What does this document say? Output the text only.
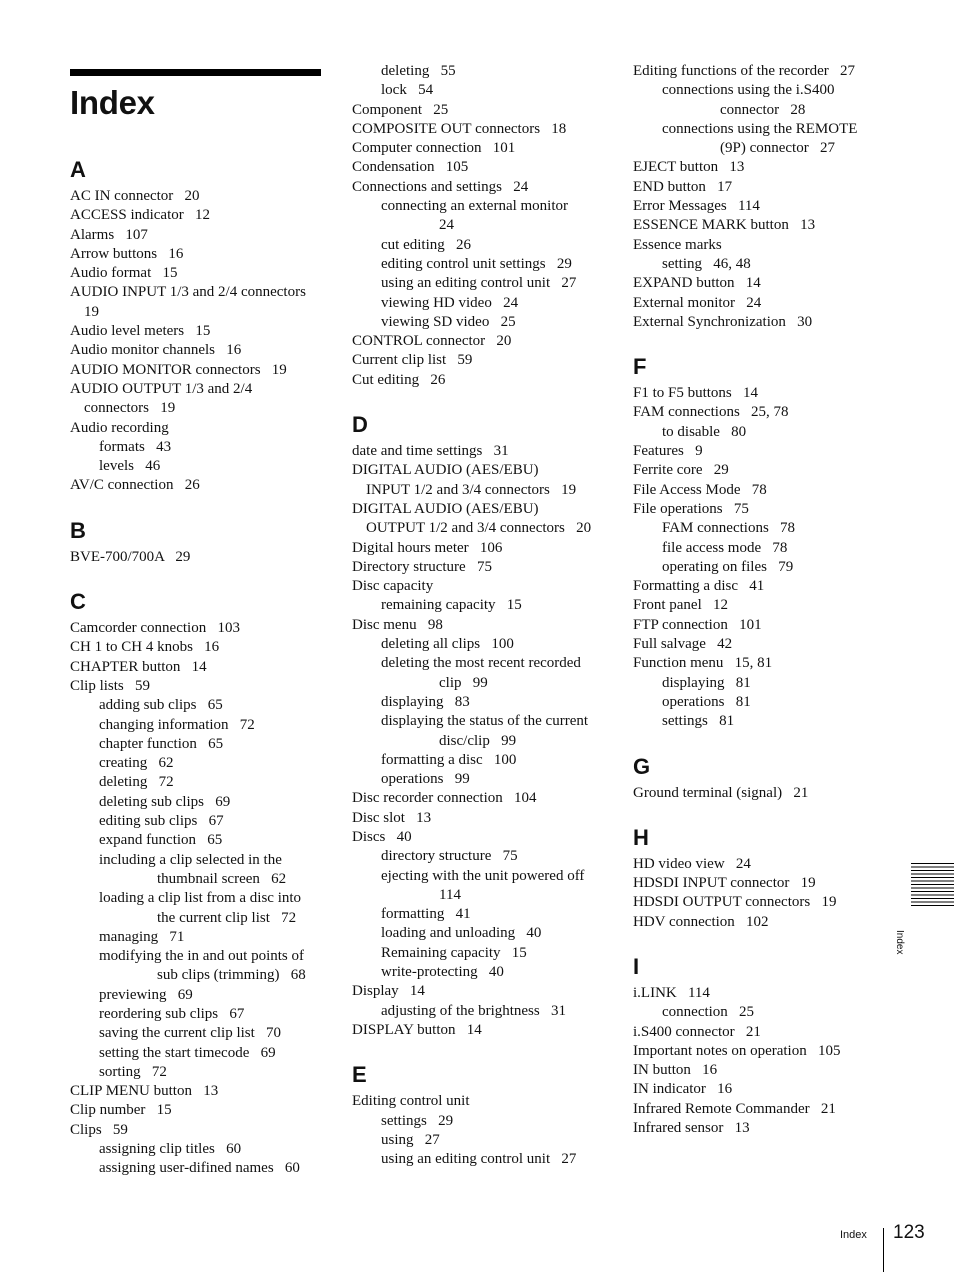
Index
A
AC IN connector   20
ACCESS indicator   12
Alarms   107
Arrow buttons   16
Audio format   15
AUDIO INPUT 1/3 and 2/4 connectors
19
Audio level meters   15
Audio monitor channels   16
AUDIO MONITOR connectors   19
AUDIO OUTPUT 1/3 and 2/4
connectors   19
Audio recording
formats   43
levels   46
AV/C connection   26
B
BVE-700/700A   29
C
Camcorder connection   103
CH 1 to CH 4 knobs   16
CHAPTER button   14
Clip lists   59
adding sub clips   65
changing information   72
chapter function   65
creating   62
deleting   72
deleting sub clips   69
editing sub clips   67
expand function   65
including a clip selected in the
thumbnail screen   62
loading a clip list from a disc into
the current clip list   72
managing   71
modifying the in and out points of
sub clips (trimming)   68
previewing   69
reordering sub clips   67
saving the current clip list   70
setting the start timecode   69
sorting   72
CLIP MENU button   13
Clip number   15
Clips   59
assigning clip titles   60
assigning user-difined names   60
deleting   55
lock   54
Component   25
COMPOSITE OUT connectors   18
Computer connection   101
Condensation   105
Connections and settings   24
connecting an external monitor
24
cut editing   26
editing control unit settings   29
using an editing control unit   27
viewing HD video   24
viewing SD video   25
CONTROL connector   20
Current clip list   59
Cut editing   26
D
date and time settings   31
DIGITAL AUDIO (AES/EBU)
INPUT 1/2 and 3/4 connectors   19
DIGITAL AUDIO (AES/EBU)
OUTPUT 1/2 and 3/4 connectors   20
Digital hours meter   106
Directory structure   75
Disc capacity
remaining capacity   15
Disc menu   98
deleting all clips   100
deleting the most recent recorded
clip   99
displaying   83
displaying the status of the current
disc/clip   99
formatting a disc   100
operations   99
Disc recorder connection   104
Disc slot   13
Discs   40
directory structure   75
ejecting with the unit powered off
114
formatting   41
loading and unloading   40
Remaining capacity   15
write-protecting   40
Display   14
adjusting of the brightness   31
DISPLAY button   14
E
Editing control unit
settings   29
using   27
using an editing control unit   27
Editing functions of the recorder   27
connections using the i.S400
connector   28
connections using the REMOTE
(9P) connector   27
EJECT button   13
END button   17
Error Messages   114
ESSENCE MARK button   13
Essence marks
setting   46, 48
EXPAND button   14
External monitor   24
External Synchronization   30
F
F1 to F5 buttons   14
FAM connections   25, 78
to disable   80
Features   9
Ferrite core   29
File Access Mode   78
File operations   75
FAM connections   78
file access mode   78
operating on files   79
Formatting a disc   41
Front panel   12
FTP connection   101
Full salvage   42
Function menu   15, 81
displaying   81
operations   81
settings   81
G
Ground terminal (signal)   21
H
HD video view   24
HDSDI INPUT connector   19
HDSDI OUTPUT connectors   19
HDV connection   102
I
i.LINK   114
connection   25
i.S400 connector   21
Important notes on operation   105
IN button   16
IN indicator   16
Infrared Remote Commander   21
Infrared sensor   13
Index
Index 123
